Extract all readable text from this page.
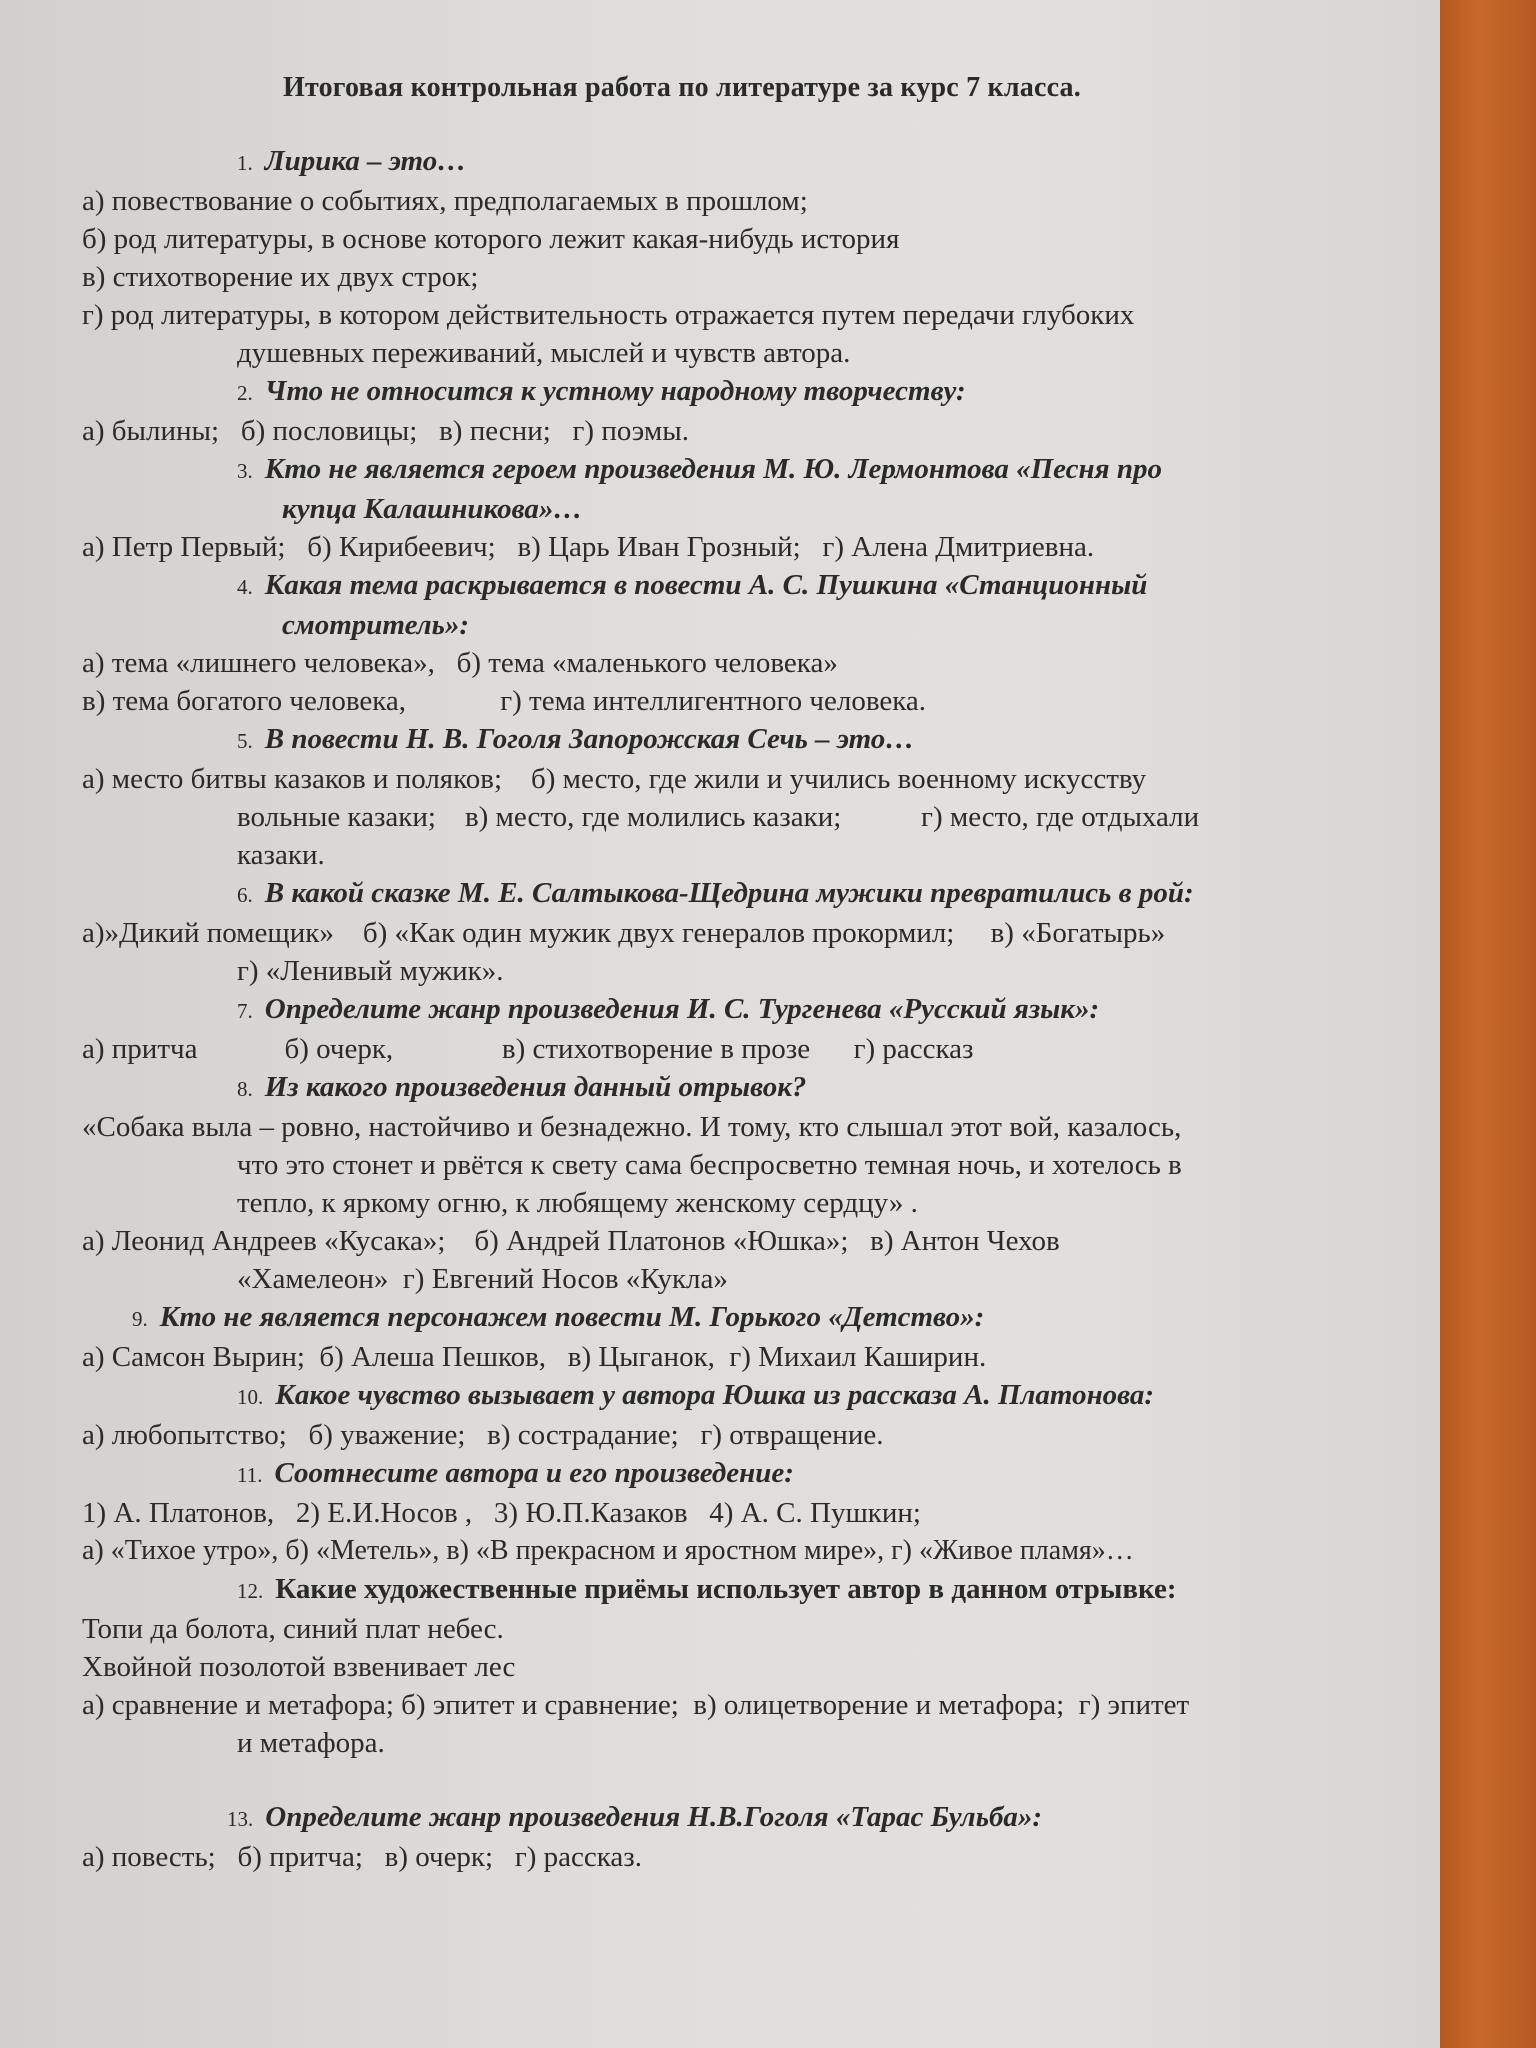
Итоговая контрольная работа по литературе за курс 7 класса.
1. Лирика – это…
а) повествование о событиях, предполагаемых в прошлом;
б) род литературы, в основе которого лежит какая-нибудь история
в) стихотворение их двух строк;
г) род литературы, в котором действительность отражается путем передачи глубоких
душевных переживаний, мыслей и чувств автора.
2. Что не относится к устному народному творчеству:
а) былины;   б) пословицы;   в) песни;   г) поэмы.
3. Кто не является героем произведения М. Ю. Лермонтова «Песня про
купца Калашникова»…
а) Петр Первый;   б) Кирибеевич;   в) Царь Иван Грозный;   г) Алена Дмитриевна.
4. Какая тема раскрывается в повести А. С. Пушкина «Станционный
смотритель»:
а) тема «лишнего человека»,   б) тема «маленького человека»
в) тема богатого человека,             г) тема интеллигентного человека.
5. В повести Н. В. Гоголя Запорожская Сечь – это…
а) место битвы казаков и поляков;    б) место, где жили и учились военному искусству
вольные казаки;    в) место, где молились казаки;           г) место, где отдыхали
казаки.
6. В какой сказке М. Е. Салтыкова-Щедрина мужики превратились в рой:
а)»Дикий помещик»    б) «Как один мужик двух генералов прокормил;     в) «Богатырь»
г) «Ленивый мужик».
7. Определите жанр произведения И. С. Тургенева «Русский язык»:
а) притча            б) очерк,               в) стихотворение в прозе      г) рассказ
8. Из какого произведения данный отрывок?
«Собака выла – ровно, настойчиво и безнадежно. И тому, кто слышал этот вой, казалось,
что это стонет и рвётся к свету сама беспросветно темная ночь, и хотелось в
тепло, к яркому огню, к любящему женскому сердцу» .
а) Леонид Андреев «Кусака»;    б) Андрей Платонов «Юшка»;   в) Антон Чехов
«Хамелеон»  г) Евгений Носов «Кукла»
9. Кто не является персонажем повести М. Горького «Детство»:
а) Самсон Вырин;  б) Алеша Пешков,   в) Цыганок,  г) Михаил Каширин.
10. Какое чувство вызывает у автора Юшка из рассказа А. Платонова:
а) любопытство;   б) уважение;   в) сострадание;   г) отвращение.
11. Соотнесите автора и его произведение:
1) А. Платонов,   2) Е.И.Носов ,   3) Ю.П.Казаков   4) А. С. Пушкин;
а) «Тихое утро», б) «Метель», в) «В прекрасном и яростном мире», г) «Живое пламя»…
12. Какие художественные приёмы использует автор в данном отрывке:
Топи да болота, синий плат небес.
Хвойной позолотой взвенивает лес
а) сравнение и метафора; б) эпитет и сравнение;  в) олицетворение и метафора;  г) эпитет
и метафора.
13. Определите жанр произведения Н.В.Гоголя «Тарас Бульба»:
а) повесть;   б) притча;   в) очерк;   г) рассказ.
